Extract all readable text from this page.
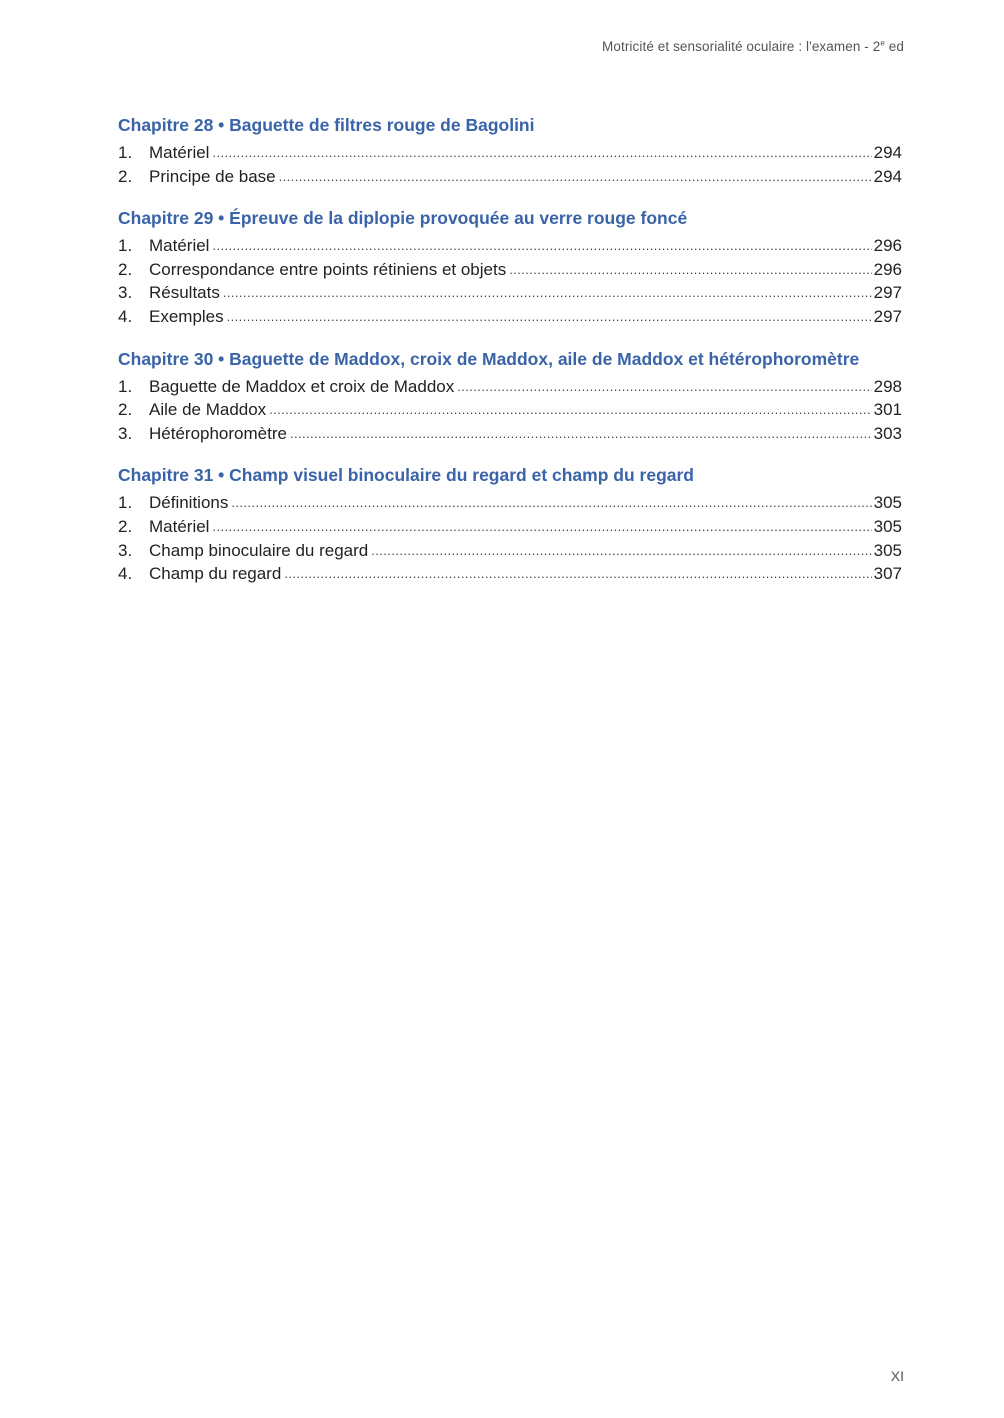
Motricité et sensorialité oculaire : l'examen - 2e ed
Chapitre 28 • Baguette de filtres rouge de Bagolini
1. Matériel .....	294
2. Principe de base .....	294
Chapitre 29 • Épreuve de la diplopie provoquée au verre rouge foncé
1. Matériel .....	296
2. Correspondance entre points rétiniens et objets .....	296
3. Résultats .....	297
4. Exemples .....	297
Chapitre 30 • Baguette de Maddox, croix de Maddox, aile de Maddox et hétérophoromètre
1. Baguette de Maddox et croix de Maddox .....	298
2. Aile de Maddox .....	301
3. Hétérophoromètre .....	303
Chapitre 31 • Champ visuel binoculaire du regard et champ du regard
1. Définitions .....	305
2. Matériel .....	305
3. Champ binoculaire du regard .....	305
4. Champ du regard .....	307
XI
